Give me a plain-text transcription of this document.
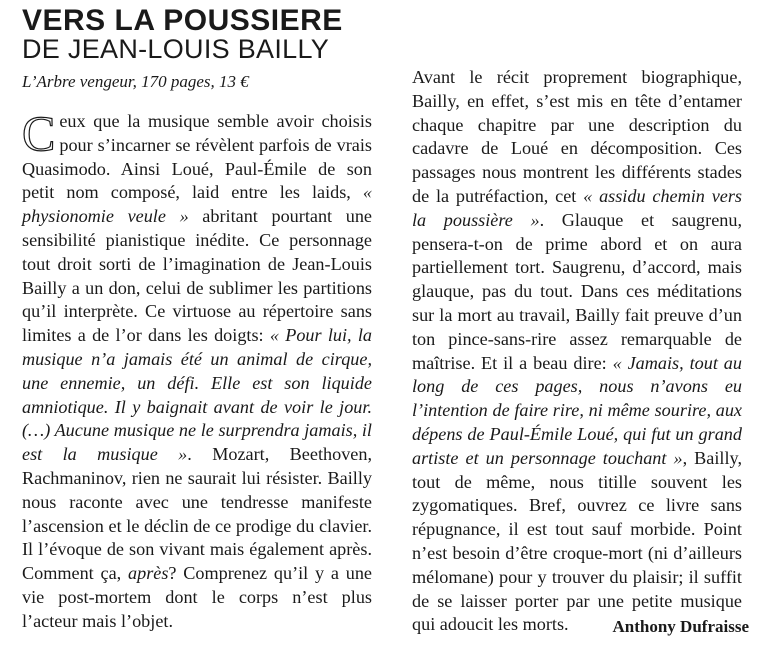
VERS LA POUSSIERE
DE JEAN-LOUIS BAILLY
L’Arbre vengeur, 170 pages, 13 €

C eux que la musique semble avoir choisis pour s’incarner se révèlent parfois de vrais Quasimodo. Ainsi Loué, Paul-Émile de son petit nom composé, laid entre les laids, « physionomie veule » abritant pourtant une sensibilité pianistique inédite. Ce personnage tout droit sorti de l’imagination de Jean-Louis Bailly a un don, celui de sublimer les partitions qu’il interprète. Ce virtuose au répertoire sans limites a de l’or dans les doigts: « Pour lui, la musique n’a jamais été un animal de cirque, une ennemie, un défi. Elle est son liquide amniotique. Il y baignait avant de voir le jour. (…) Aucune musique ne le surprendra jamais, il est la musique ». Mozart, Beethoven, Rachmaninov, rien ne saurait lui résister. Bailly nous raconte avec une tendresse manifeste l’ascension et le déclin de ce prodige du clavier. Il l’évoque de son vivant mais également après. Comment ça, après? Comprenez qu’il y a une vie post-mortem dont le corps n’est plus l’acteur mais l’objet.

Avant le récit proprement biographique, Bailly, en effet, s’est mis en tête d’entamer chaque chapitre par une description du cadavre de Loué en décomposition. Ces passages nous montrent les différents stades de la putréfaction, cet « assidu chemin vers la poussière ». Glauque et saugrenu, pensera-t-on de prime abord et on aura partiellement tort. Saugrenu, d’accord, mais glauque, pas du tout. Dans ces méditations sur la mort au travail, Bailly fait preuve d’un ton pince-sans-rire assez remarquable de maîtrise. Et il a beau dire: « Jamais, tout au long de ces pages, nous n’avons eu l’intention de faire rire, ni même sourire, aux dépens de Paul-Émile Loué, qui fut un grand artiste et un personnage touchant », Bailly, tout de même, nous titille souvent les zygomatiques. Bref, ouvrez ce livre sans répugnance, il est tout sauf morbide. Point n’est besoin d’être croque-mort (ni d’ailleurs mélomane) pour y trouver du plaisir; il suffit de se laisser porter par une petite musique qui adoucit les morts.	Anthony Dufraisse
